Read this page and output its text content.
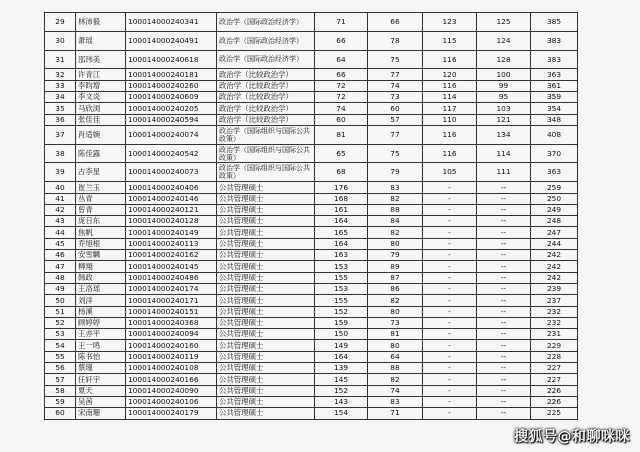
29	林沛毅	100014000240341	政治学（国际政治经济学）	71	66	123	125	385
30	萧瑶	100014000240491	政治学（国际政治经济学）	66	78	115	124	383
31	邵玮美	100014000240618	政治学（国际政治经济学）	64	75	116	128	383
32	许青江	100014000240181	政治学（比较政治学）	66	77	120	100	363
33	李昀增	100014000240260	政治学（比较政治学）	72	74	116	99	361
34	李文炎	100014000240609	政治学（比较政治学）	72	73	114	95	359
35	马欣浏	100014000240205	政治学（比较政治学）	74	60	117	103	354
36	张佳佳	100014000240594	政治学（比较政治学）	60	57	110	121	348
37	肖适婉	100014000240074	政治学（国际组织与国际公共政策）	81	77	116	134	408
38	陈佳露	100014000240542	政治学（国际组织与国际公共政策）	65	75	116	114	370
39	古李星	100014000240073	政治学（国际组织与国际公共政策）	68	79	105	111	363
40	崔兰玉	100014000240406	公共管理硕士	176	83	-	--	259
41	丛青	100014000240146	公共管理硕士	168	82	-	--	250
42	曾青	100014000240121	公共管理硕士	161	88	-	--	249
43	庞日东	100014000240128	公共管理硕士	164	84	-	--	248
44	焦帆	100014000240149	公共管理硕士	165	82	-	--	247
45	乔旭根	100014000240113	公共管理硕士	164	80	-	--	244
46	安雪麟	100014000240162	公共管理硕士	163	79	-	--	242
47	柳翔	100014000240145	公共管理硕士	153	89	-	--	242
48	韩政	100014000240486	公共管理硕士	155	87	-	--	242
49	王洛瑶	100014000240174	公共管理硕士	153	86	-	--	239
50	刘洋	100014000240171	公共管理硕士	155	82	-	--	237
51	杨溪	100014000240151	公共管理硕士	152	80	-	--	232
52	顾婷婷	100014000240368	公共管理硕士	159	73	-	--	232
53	王亦平	100014000240094	公共管理硕士	150	81	-	--	231
54	王一鸣	100014000240160	公共管理硕士	149	80	-	--	229
55	陈书怡	100014000240119	公共管理硕士	164	64	-	--	228
56	蔡瑾	100014000240108	公共管理硕士	139	88	-	--	227
57	任轩宇	100014000240166	公共管理硕士	145	82	-	--	227
58	夏天	100014000240090	公共管理硕士	152	74	-	--	226
59	吴茜	100014000240106	公共管理硕士	143	83	-	--	226
60	宋南珊	100014000240179	公共管理硕士	154	71	-	--	225
搜狐号@和聊咪咪
